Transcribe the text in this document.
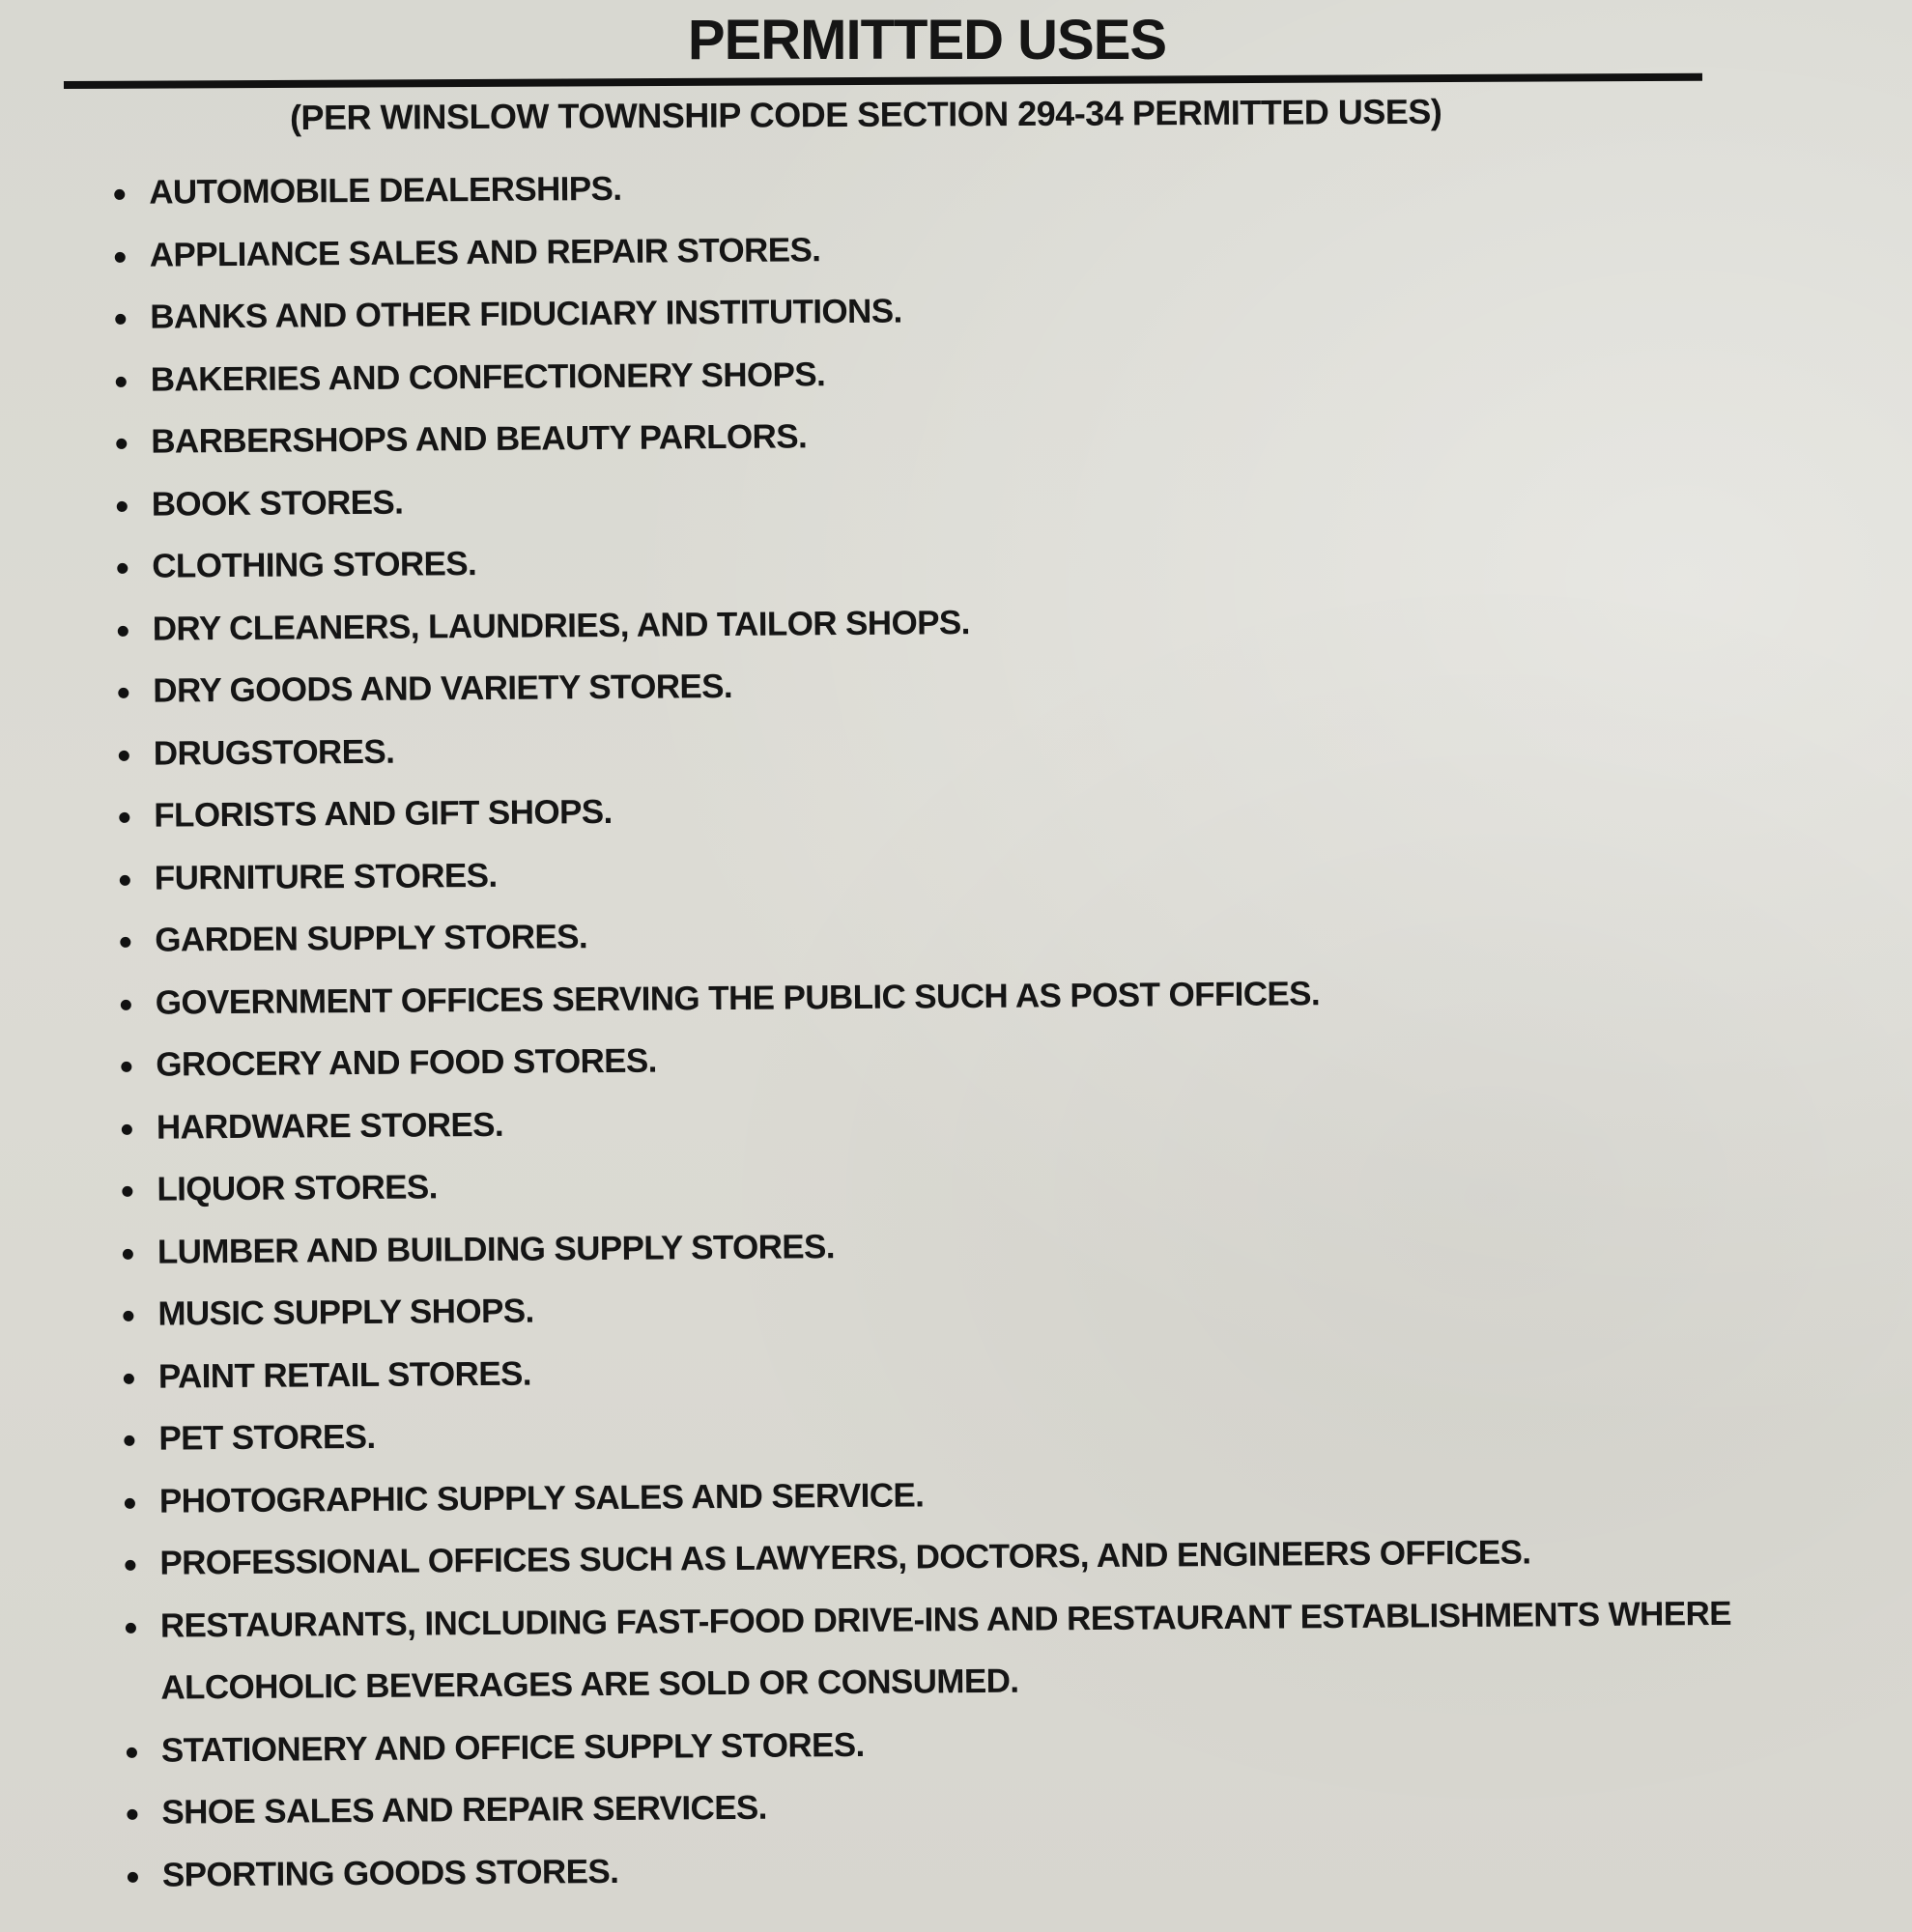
PERMITTED USES
(PER WINSLOW TOWNSHIP CODE SECTION 294-34 PERMITTED USES)
AUTOMOBILE DEALERSHIPS.
APPLIANCE SALES AND REPAIR STORES.
BANKS AND OTHER FIDUCIARY INSTITUTIONS.
BAKERIES AND CONFECTIONERY SHOPS.
BARBERSHOPS AND BEAUTY PARLORS.
BOOK STORES.
CLOTHING STORES.
DRY CLEANERS, LAUNDRIES, AND TAILOR SHOPS.
DRY GOODS AND VARIETY STORES.
DRUGSTORES.
FLORISTS AND GIFT SHOPS.
FURNITURE STORES.
GARDEN SUPPLY STORES.
GOVERNMENT OFFICES SERVING THE PUBLIC SUCH AS POST OFFICES.
GROCERY AND FOOD STORES.
HARDWARE STORES.
LIQUOR STORES.
LUMBER AND BUILDING SUPPLY STORES.
MUSIC SUPPLY SHOPS.
PAINT RETAIL STORES.
PET STORES.
PHOTOGRAPHIC SUPPLY SALES AND SERVICE.
PROFESSIONAL OFFICES SUCH AS LAWYERS, DOCTORS, AND ENGINEERS OFFICES.
RESTAURANTS, INCLUDING FAST-FOOD DRIVE-INS AND RESTAURANT ESTABLISHMENTS WHERE ALCOHOLIC BEVERAGES ARE SOLD OR CONSUMED.
STATIONERY AND OFFICE SUPPLY STORES.
SHOE SALES AND REPAIR SERVICES.
SPORTING GOODS STORES.
